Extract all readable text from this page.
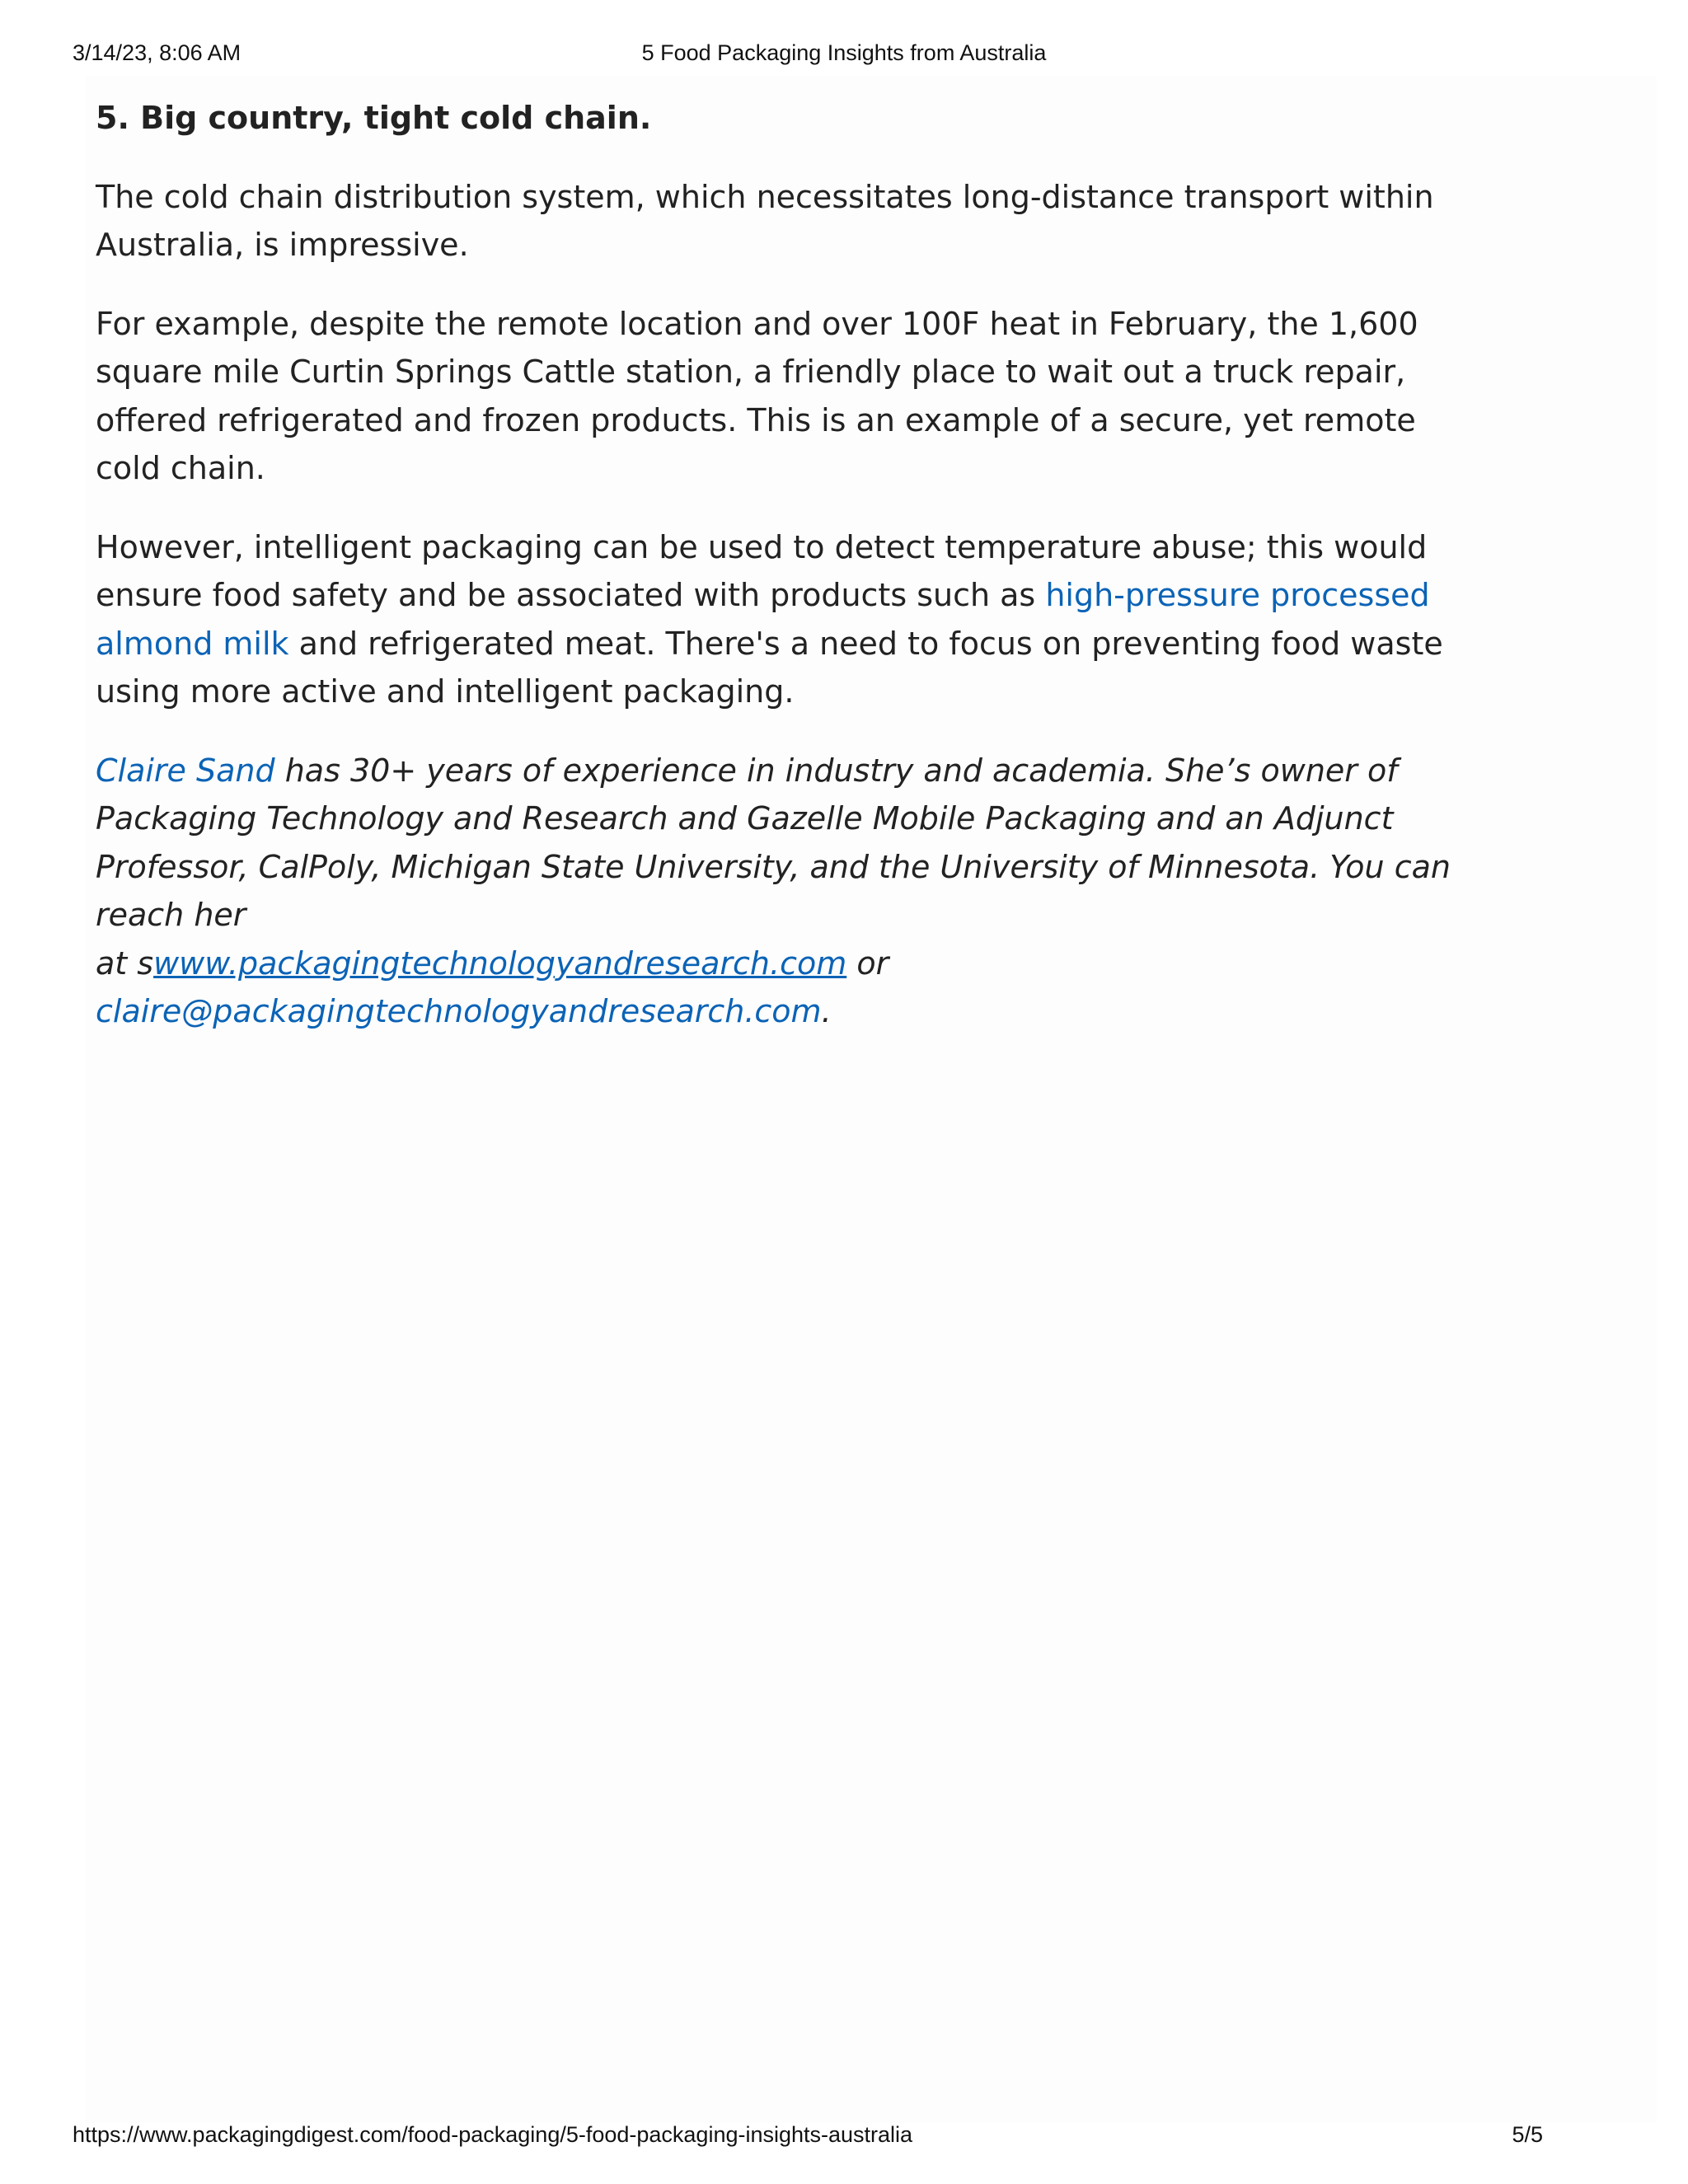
3/14/23, 8:06 AM	5 Food Packaging Insights from Australia
5. Big country, tight cold chain.

The cold chain distribution system, which necessitates long-distance transport within Australia, is impressive.

For example, despite the remote location and over 100F heat in February, the 1,600 square mile Curtin Springs Cattle station, a friendly place to wait out a truck repair, offered refrigerated and frozen products. This is an example of a secure, yet remote cold chain.

However, intelligent packaging can be used to detect temperature abuse; this would ensure food safety and be associated with products such as high-pressure processed almond milk and refrigerated meat. There's a need to focus on preventing food waste using more active and intelligent packaging.

Claire Sand has 30+ years of experience in industry and academia. She’s owner of Packaging Technology and Research and Gazelle Mobile Packaging and an Adjunct Professor, CalPoly, Michigan State University, and the University of Minnesota. You can reach her
at swww.packagingtechnologyandresearch.com or claire@packagingtechnologyandresearch.com.

https://www.packagingdigest.com/food-packaging/5-food-packaging-insights-australia	5/5
